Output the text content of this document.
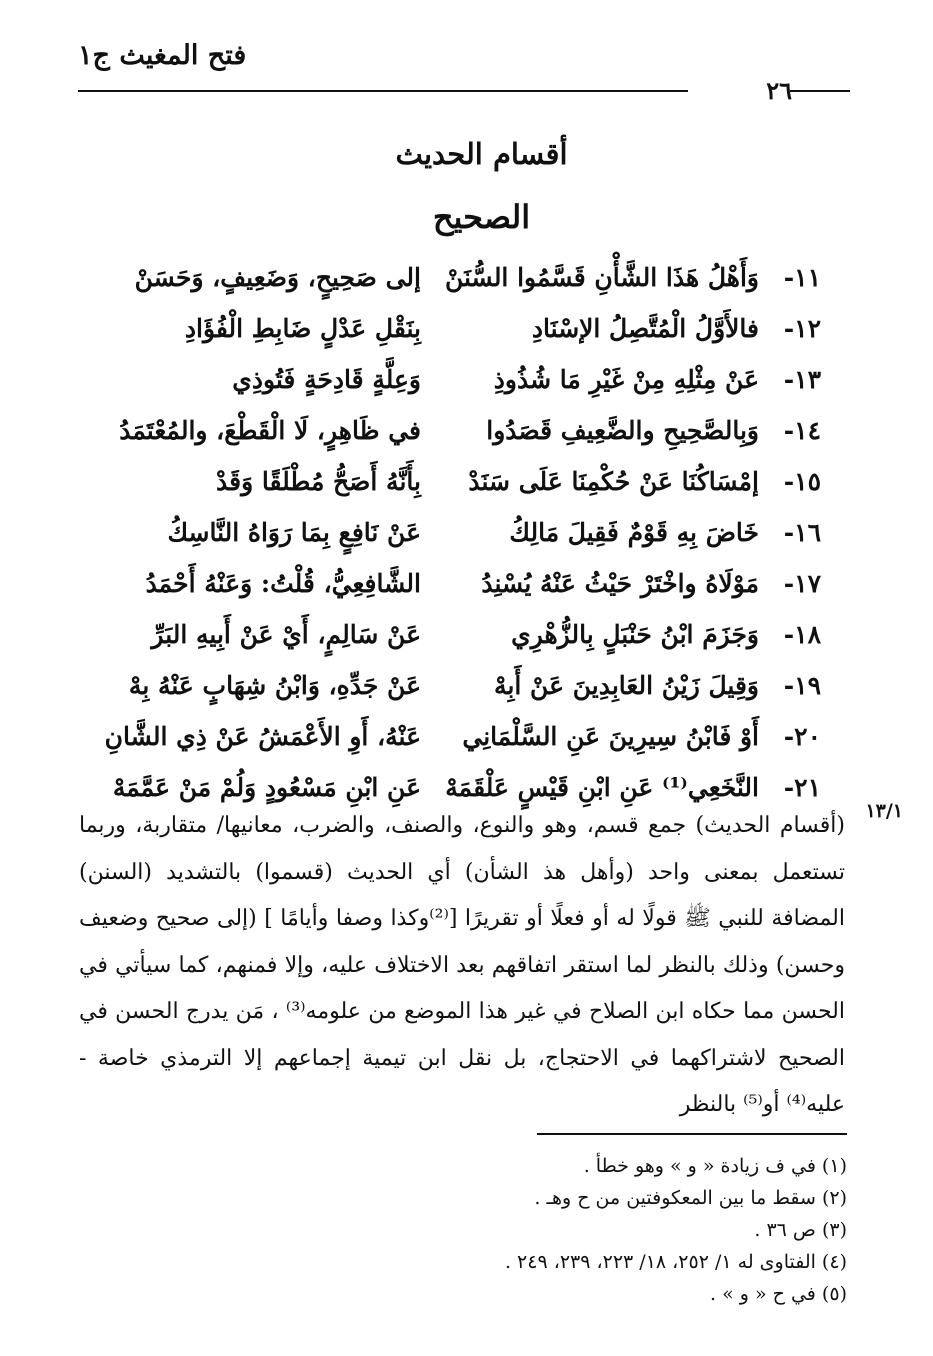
فتح المغيث ج١
٢٦
أقسام الحديث
الصحيح
١١-
وَأَهْلُ هَذَا الشَّأْنِ قَسَّمُوا السُّنَنْ
إلى صَحِيحٍ، وَضَعِيفٍ، وَحَسَنْ
١٢-
فالأَوَّلُ الْمُتَّصِلُ الإسْنَادِ
بِنَقْلِ عَدْلٍ ضَابِطِ الْفُؤَادِ
١٣-
عَنْ مِثْلِهِ مِنْ غَيْرِ مَا شُذُوذِ
وَعِلَّةٍ قَادِحَةٍ فَتُوذِي
١٤-
وَبِالصَّحِيحِ والضَّعِيفِ قَصَدُوا
في ظَاهِرٍ، لَا الْقَطْعَ، والمُعْتَمَدُ
١٥-
إمْسَاكُنَا عَنْ حُكْمِنَا عَلَى سَنَدْ
بِأَنَّهُ أَصَحُّ مُطْلَقًا وَقَدْ
١٦-
خَاضَ بِهِ قَوْمٌ فَقِيلَ مَالِكُ
عَنْ نَافِعٍ بِمَا رَوَاهُ النَّاسِكُ
١٧-
مَوْلَاهُ واخْتَرْ حَيْثُ عَنْهُ يُسْنِدُ
الشَّافِعِيُّ، قُلْتُ: وَعَنْهُ أَحْمَدُ
١٨-
وَجَزَمَ ابْنُ حَنْبَلٍ بِالزُّهْرِي
عَنْ سَالِمٍ، أَيْ عَنْ أَبِيهِ البَرِّ
١٩-
وَقِيلَ زَيْنُ العَابِدِينَ عَنْ أَبِهْ
عَنْ جَدِّهِ، وَابْنُ شِهَابٍ عَنْهُ بِهْ
٢٠-
أَوْ فَابْنُ سِيرِينَ عَنِ السَّلْمَانِي
عَنْهُ، أَوِ الأَعْمَشُ عَنْ ذِي الشَّانِ
٢١-
النَّخَعِي⁽¹⁾ عَنِ ابْنِ قَيْسٍ عَلْقَمَهْ
عَنِ ابْنِ مَسْعُودٍ وَلُمْ مَنْ عَمَّمَهْ
١٣/١
(أقسام الحديث) جمع قسم، وهو والنوع، والصنف، والضرب، معانيها/ متقاربة، وربما تستعمل بمعنى واحد (وأهل هذ الشأن) أي الحديث (قسموا) بالتشديد (السنن) المضافة للنبي ﷺ قولًا له أو فعلًا أو تقريرًا [⁽²⁾وكذا وصفا وأيامًا ] (إلى صحيح وضعيف وحسن) وذلك بالنظر لما استقر اتفاقهم بعد الاختلاف عليه، وإلا فمنهم، كما سيأتي في الحسن مما حكاه ابن الصلاح في غير هذا الموضع من علومه⁽³⁾ ، مَن يدرج الحسن في الصحيح لاشتراكهما في الاحتجاج، بل نقل ابن تيمية إجماعهم إلا الترمذي خاصة - عليه⁽⁴⁾ أو⁽⁵⁾ بالنظر
(١) في ف زيادة « و » وهو خطأ .
(٢) سقط ما بين المعكوفتين من ح وهـ .
(٣) ص ٣٦ .
(٤) الفتاوى له ١/ ٢٥٢، ١٨/ ٢٢٣، ٢٣٩، ٢٤٩ .
(٥) في ح « و » .
